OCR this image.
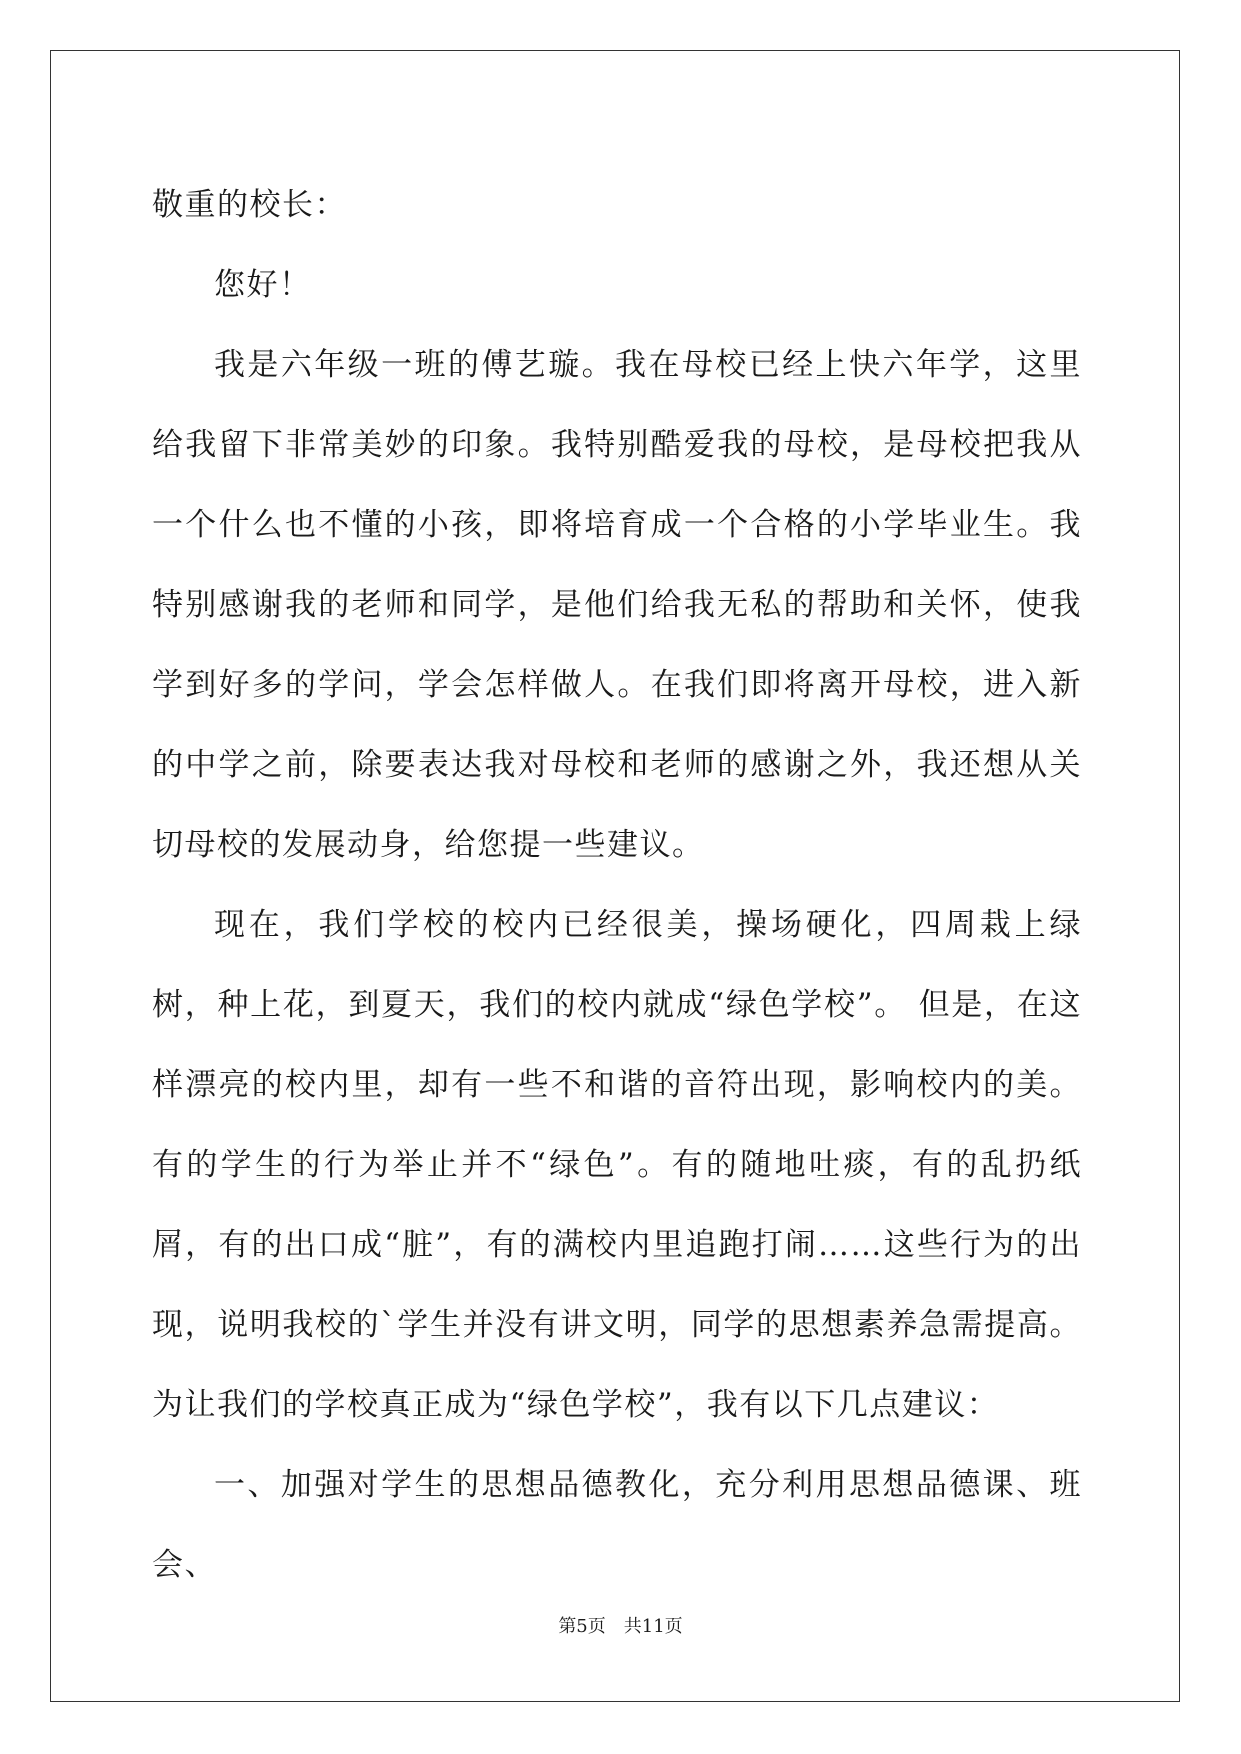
敬重的校长：

您好！

我是六年级一班的傅艺璇。我在母校已经上快六年学，这里给我留下非常美妙的印象。我特别酷爱我的母校，是母校把我从一个什么也不懂的小孩，即将培育成一个合格的小学毕业生。我特别感谢我的老师和同学，是他们给我无私的帮助和关怀，使我学到好多的学问，学会怎样做人。在我们即将离开母校，进入新的中学之前，除要表达我对母校和老师的感谢之外，我还想从关切母校的发展动身，给您提一些建议。

现在，我们学校的校内已经很美，操场硬化，四周栽上绿树，种上花，到夏天，我们的校内就成“绿色学校”。 但是，在这样漂亮的校内里，却有一些不和谐的音符出现，影响校内的美。有的学生的行为举止并不“绿色”。有的随地吐痰，有的乱扔纸屑，有的出口成“脏”，有的满校内里追跑打闹……这些行为的出现，说明我校的`学生并没有讲文明，同学的思想素养急需提高。 为让我们的学校真正成为“绿色学校”，我有以下几点建议：

一、加强对学生的思想品德教化，充分利用思想品德课、班会、

第5页 共11页
